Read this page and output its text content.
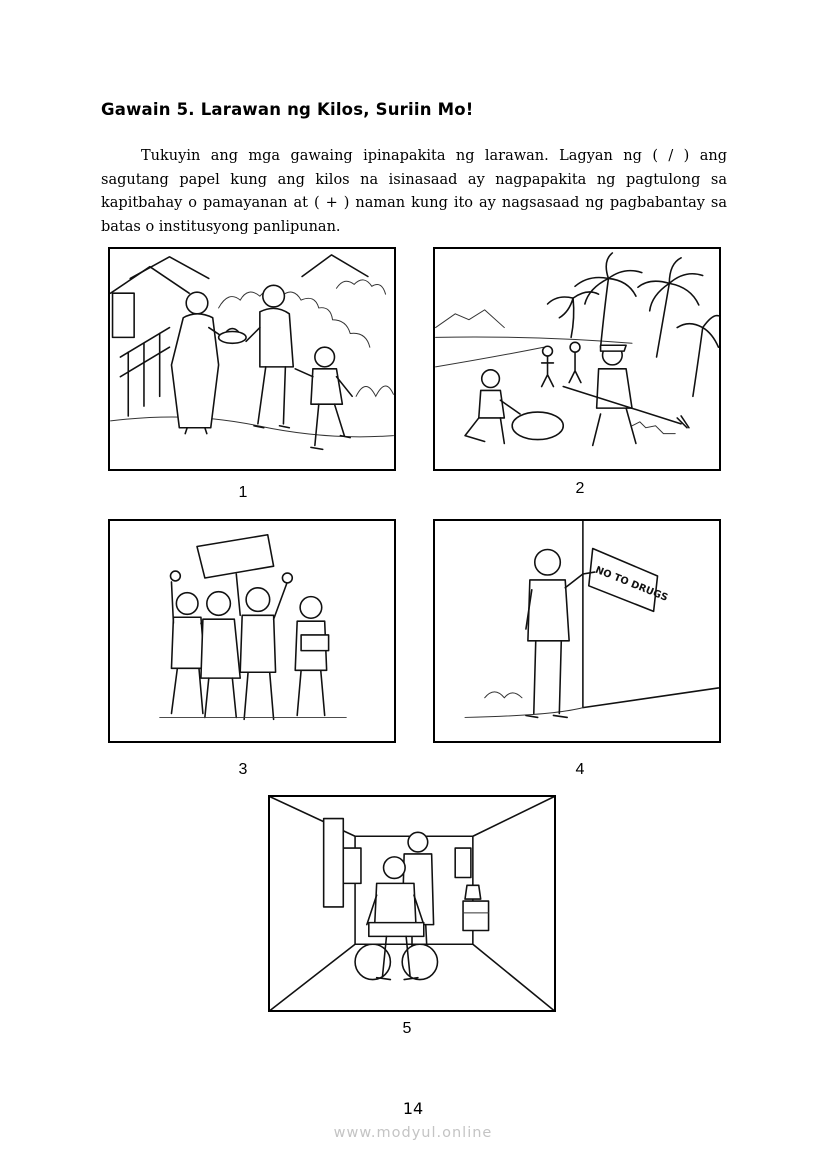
Gawain 5. Larawan ng Kilos, Suriin Mo!
Tukuyin ang mga gawaing ipinapakita ng larawan. Lagyan ng ( / ) ang sagutang papel kung ang kilos na isinasaad ay nagpapakita ng pagtulong sa kapitbahay o pamayanan at ( + ) naman kung ito ay nagsasaad ng pagbabantay sa batas o institusyong panlipunan.
1	2
3
NO TO DRUGS
4
5
14
www.modyul.online
